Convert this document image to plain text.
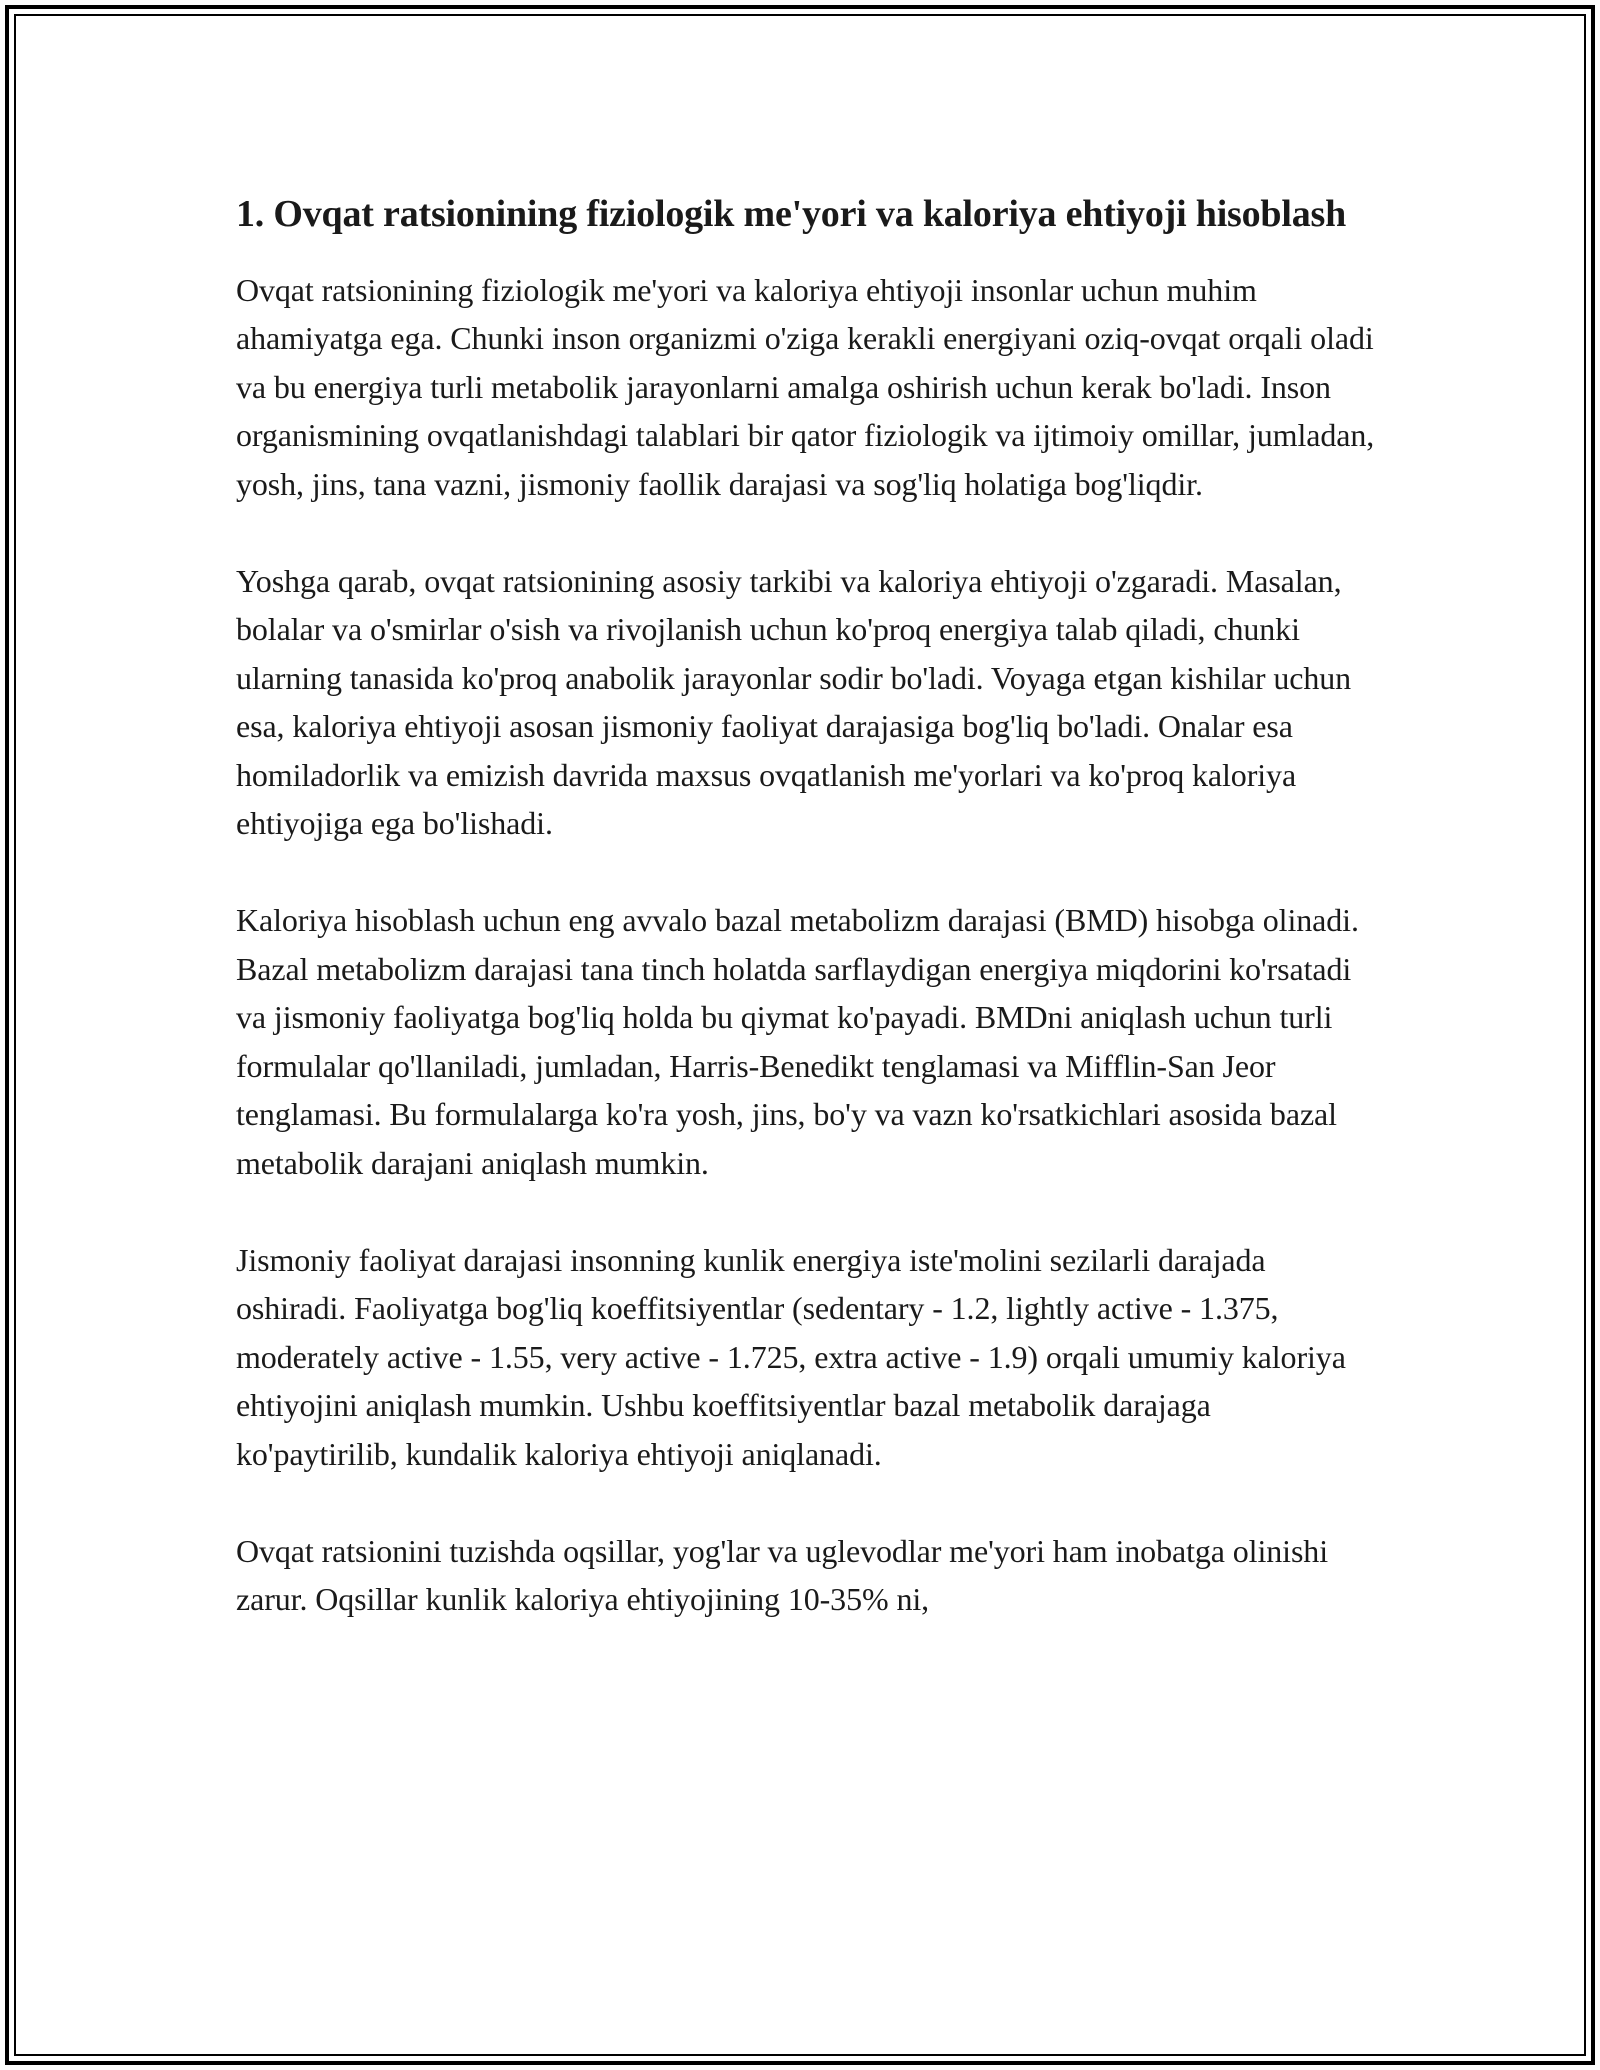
1. Ovqat ratsionining fiziologik me'yori va kaloriya ehtiyoji hisoblash

Ovqat ratsionining fiziologik me'yori va kaloriya ehtiyoji insonlar uchun muhim ahamiyatga ega. Chunki inson organizmi o'ziga kerakli energiyani oziq-ovqat orqali oladi va bu energiya turli metabolik jarayonlarni amalga oshirish uchun kerak bo'ladi. Inson organismining ovqatlanishdagi talablari bir qator fiziologik va ijtimoiy omillar, jumladan, yosh, jins, tana vazni, jismoniy faollik darajasi va sog'liq holatiga bog'liqdir.

Yoshga qarab, ovqat ratsionining asosiy tarkibi va kaloriya ehtiyoji o'zgaradi. Masalan, bolalar va o'smirlar o'sish va rivojlanish uchun ko'proq energiya talab qiladi, chunki ularning tanasida ko'proq anabolik jarayonlar sodir bo'ladi. Voyaga etgan kishilar uchun esa, kaloriya ehtiyoji asosan jismoniy faoliyat darajasiga bog'liq bo'ladi. Onalar esa homiladorlik va emizish davrida maxsus ovqatlanish me'yorlari va ko'proq kaloriya ehtiyojiga ega bo'lishadi.

Kaloriya hisoblash uchun eng avvalo bazal metabolizm darajasi (BMD) hisobga olinadi. Bazal metabolizm darajasi tana tinch holatda sarflaydigan energiya miqdorini ko'rsatadi va jismoniy faoliyatga bog'liq holda bu qiymat ko'payadi. BMDni aniqlash uchun turli formulalar qo'llaniladi, jumladan, Harris-Benedikt tenglamasi va Mifflin-San Jeor tenglamasi. Bu formulalarga ko'ra yosh, jins, bo'y va vazn ko'rsatkichlari asosida bazal metabolik darajani aniqlash mumkin.

Jismoniy faoliyat darajasi insonning kunlik energiya iste'molini sezilarli darajada oshiradi. Faoliyatga bog'liq koeffitsiyentlar (sedentary - 1.2, lightly active - 1.375, moderately active - 1.55, very active - 1.725, extra active - 1.9) orqali umumiy kaloriya ehtiyojini aniqlash mumkin. Ushbu koeffitsiyentlar bazal metabolik darajaga ko'paytirilib, kundalik kaloriya ehtiyoji aniqlanadi.

Ovqat ratsionini tuzishda oqsillar, yog'lar va uglevodlar me'yori ham inobatga olinishi zarur. Oqsillar kunlik kaloriya ehtiyojining 10-35% ni,
